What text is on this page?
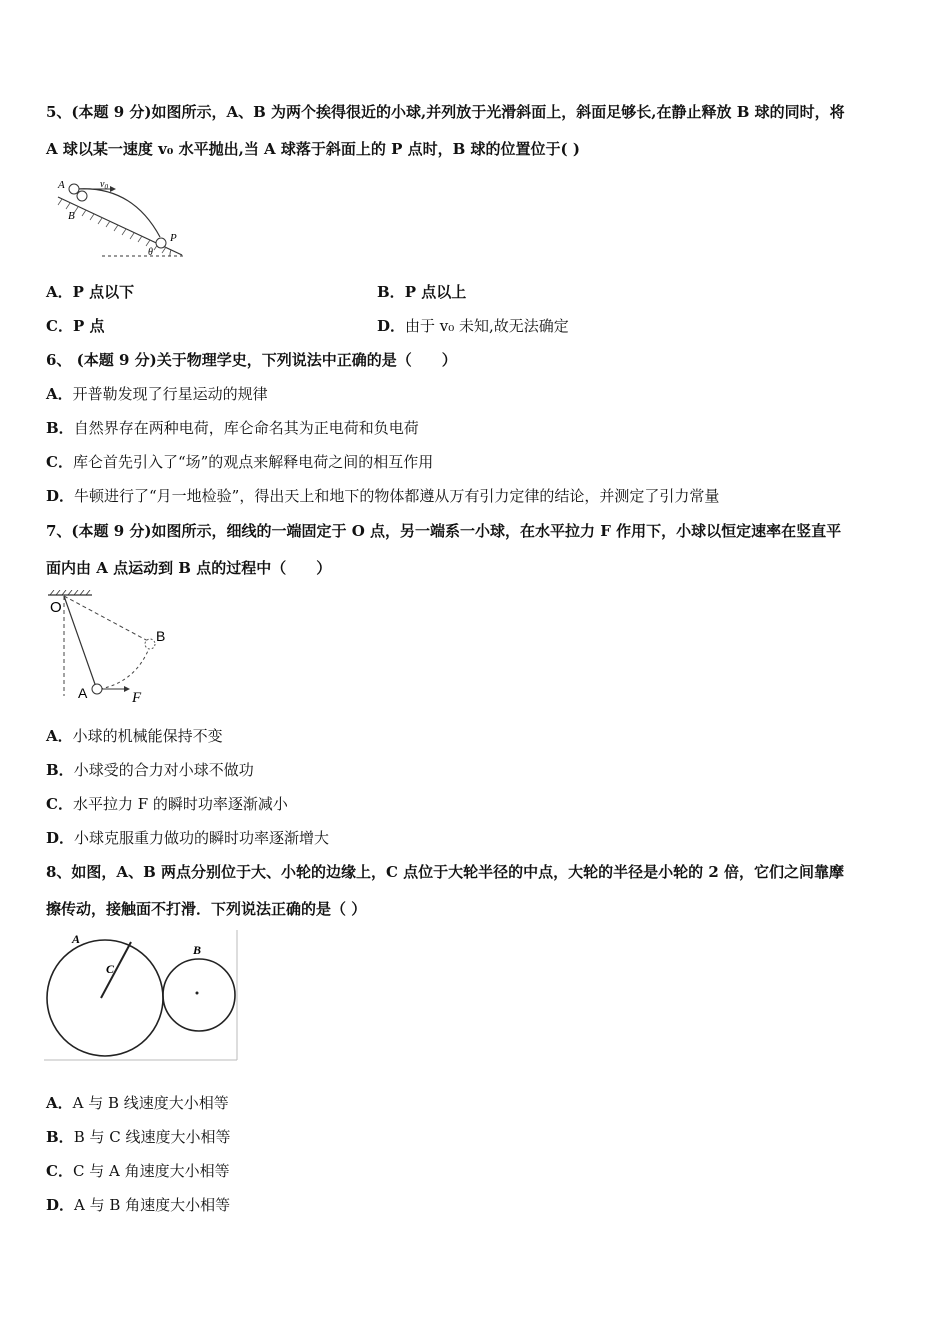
5、(本题 9 分)如图所示，A、B 为两个挨得很近的小球,并列放于光滑斜面上，斜面足够长,在静止释放 B 球的同时，将
A 球以某一速度 v₀ 水平抛出,当 A 球落于斜面上的 P 点时，B 球的位置位于( )
A
B
$v_0$
P
θ
A．P 点以下	B．P 点以上
C．P 点	D．由于 v₀ 未知,故无法确定
6、 (本题 9 分)关于物理学史，下列说法中正确的是（　　）
A．开普勒发现了行星运动的规律
B．自然界存在两种电荷，库仑命名其为正电荷和负电荷
C．库仑首先引入了“场”的观点来解释电荷之间的相互作用
D．牛顿进行了“月一地检验”，得出天上和地下的物体都遵从万有引力定律的结论，并测定了引力常量
7、(本题 9 分)如图所示，细线的一端固定于 O 点，另一端系一小球，在水平拉力 F 作用下，小球以恒定速率在竖直平
面内由 A 点运动到 B 点的过程中（　　）
O
B
A	F
A．小球的机械能保持不变
B．小球受的合力对小球不做功
C．水平拉力 F 的瞬时功率逐渐减小
D．小球克服重力做功的瞬时功率逐渐增大
8、如图，A、B 两点分别位于大、小轮的边缘上，C 点位于大轮半径的中点，大轮的半径是小轮的 2 倍，它们之间靠摩
擦传动，接触面不打滑．下列说法正确的是（ ）
A
C
B
A．A 与 B 线速度大小相等
B．B 与 C 线速度大小相等
C．C 与 A 角速度大小相等
D．A 与 B 角速度大小相等
